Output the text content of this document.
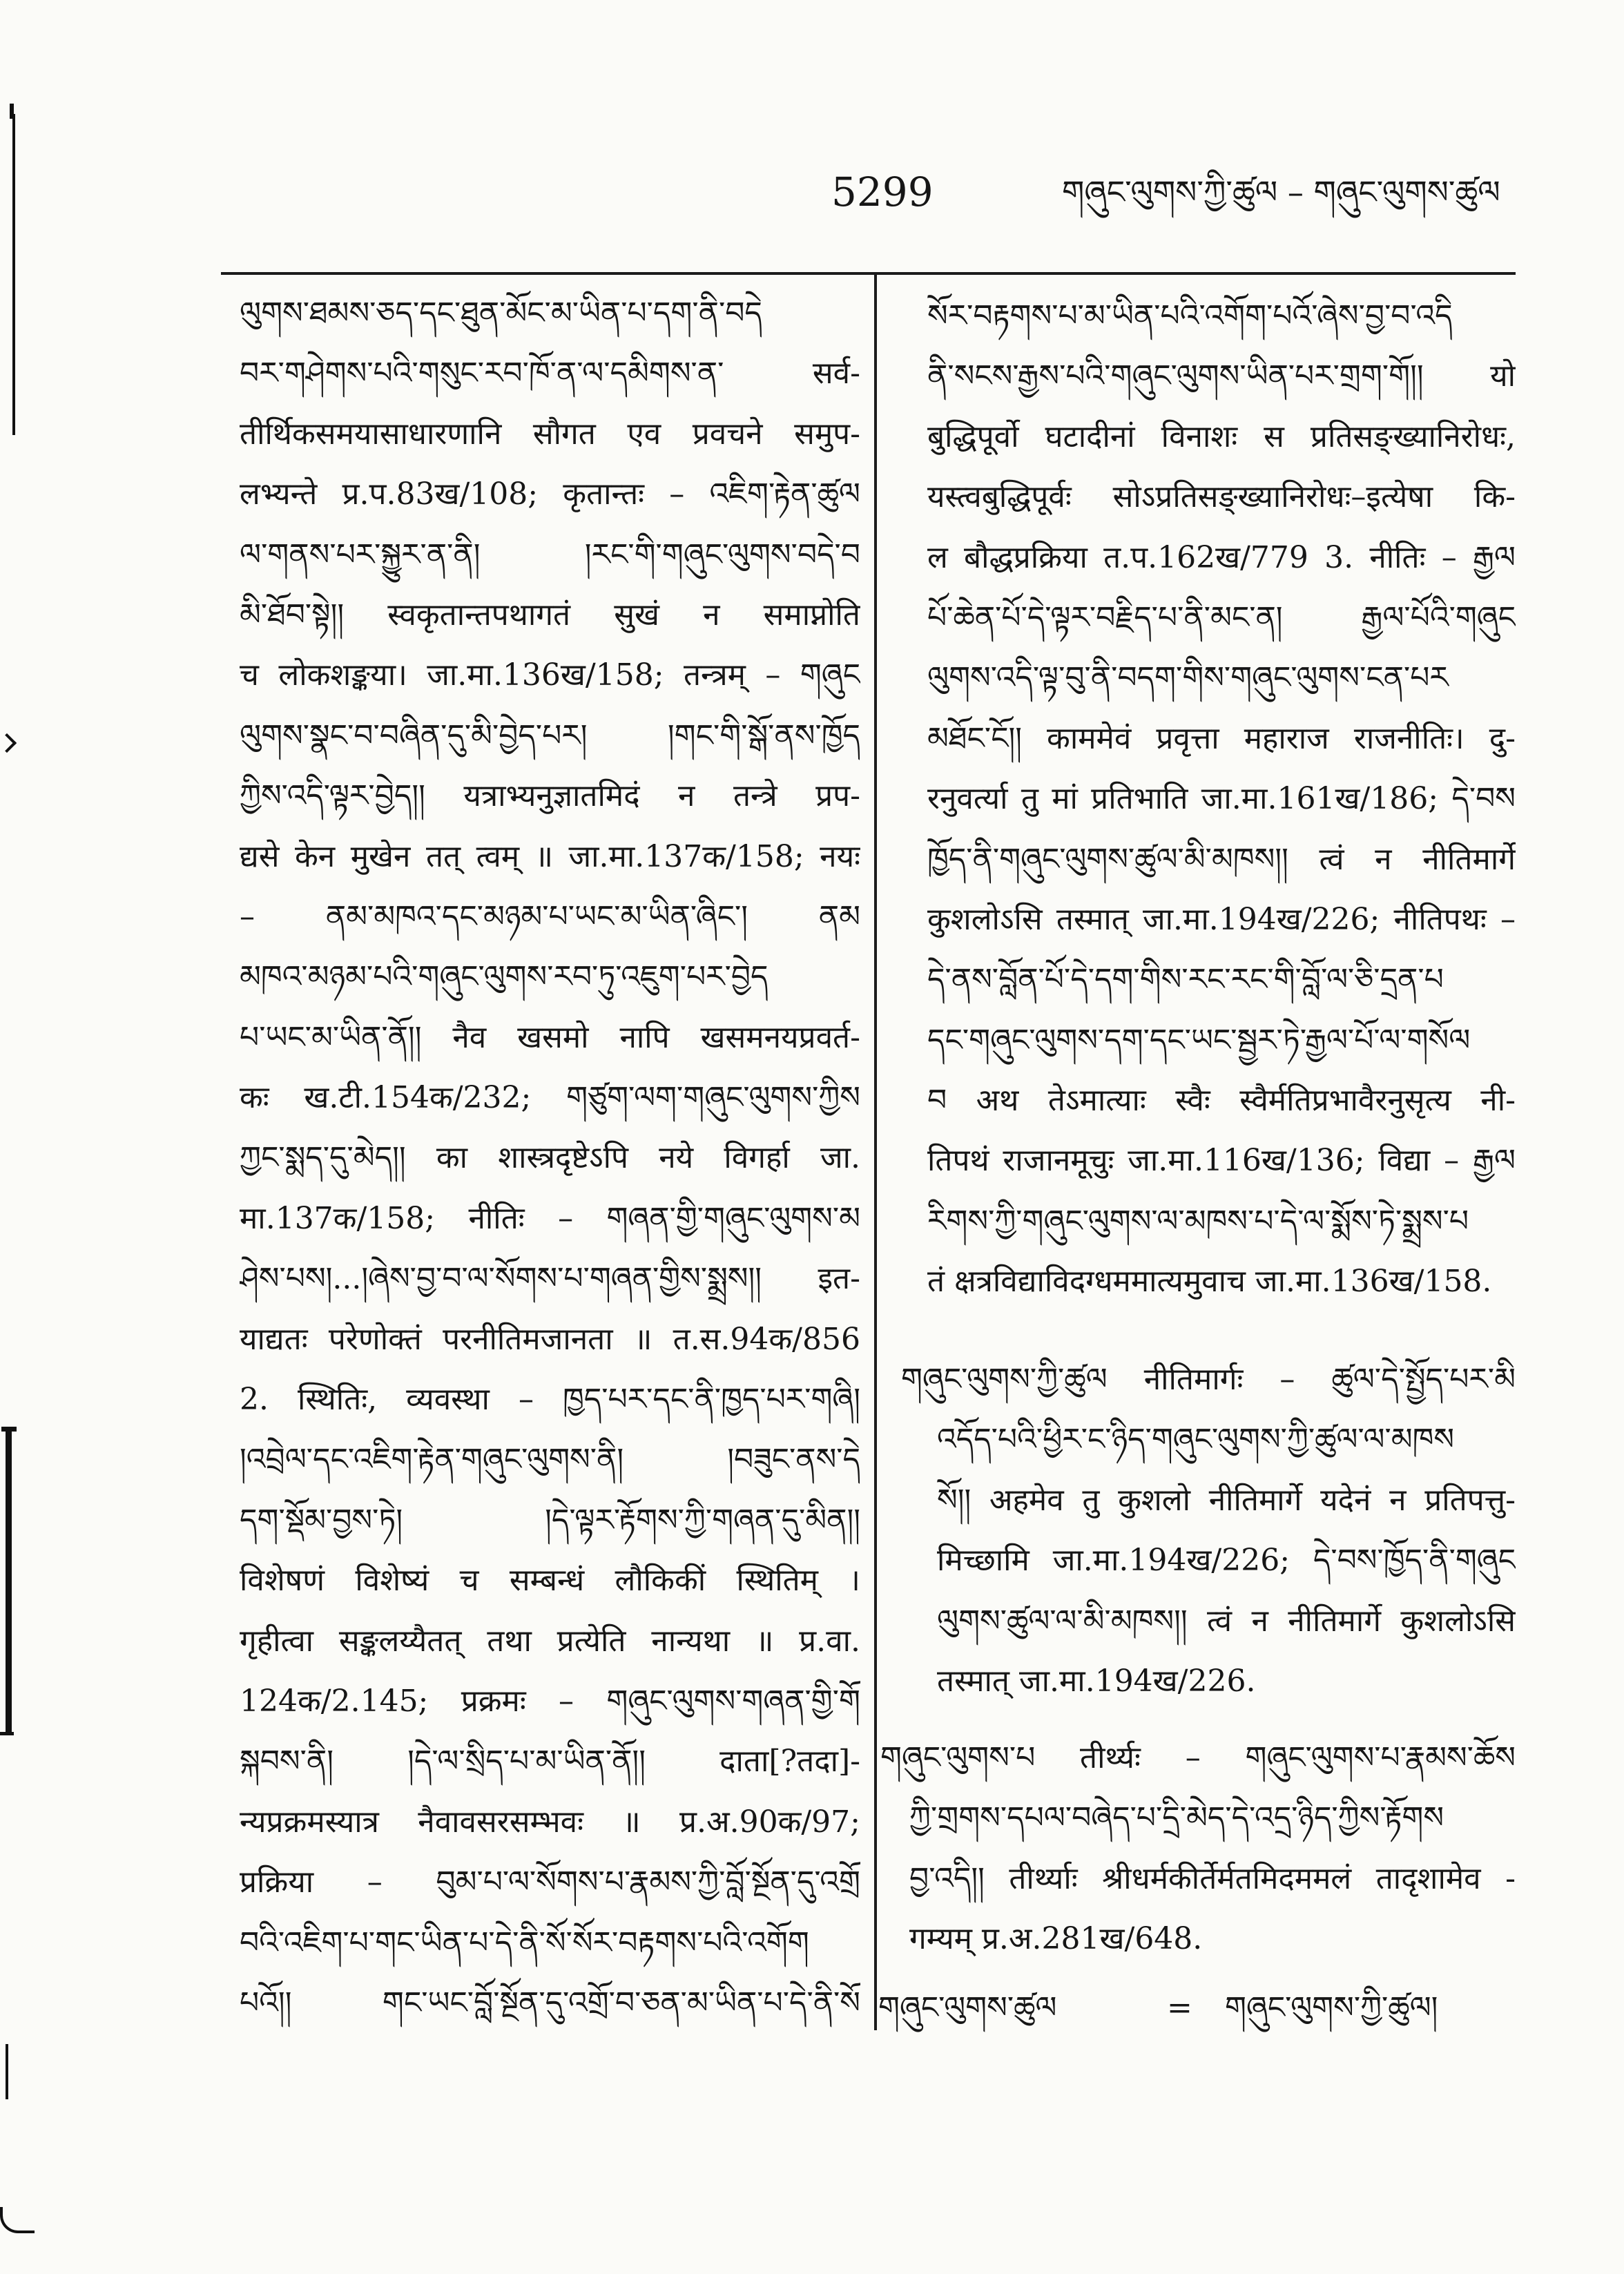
5299	གཞུང་ལུགས་ཀྱི་ཚུལ – གཞུང་ལུགས་ཚུལ
ལུགས་ཐམས་ཅད་དང་ཐུན་མོང་མ་ཡིན་པ་དག་ནི་བདེ
བར་གཤེགས་པའི་གསུང་རབ་ཁོ་ན་ལ་དམིགས་ན་ सर्व-
तीर्थिकसमयासाधारणानि सौगत एव प्रवचने समुप-
लभ्यन्ते प्र.प.83ख/108; कृतान्तः – འཇིག་རྟེན་ཚུལ
ལ་གནས་པར་སྐྱུར་ན་ནི། །རང་གི་གཞུང་ལུགས་བདེ་བ
མི་ཐོབ་སྟེ།། स्वकृतान्तपथागतं सुखं न समाप्नोति
च लोकशङ्कया। जा.मा.136ख/158; तन्त्रम् – གཞུང
ལུགས་སྣང་བ་བཞིན་དུ་མི་བྱེད་པར། །གང་གི་སྒོ་ནས་ཁྱོད
ཀྱིས་འདི་ལྟར་བྱེད།། यत्राभ्यनुज्ञातमिदं न तन्त्रे प्रप-
द्यसे केन मुखेन तत् त्वम् ॥ जा.मा.137क/158; नयः
– ནམ་མཁའ་དང་མཉམ་པ་ཡང་མ་ཡིན་ཞིང་། ནམ
མཁའ་མཉམ་པའི་གཞུང་ལུགས་རབ་ཏུ་འཇུག་པར་བྱེད
པ་ཡང་མ་ཡིན་ནོ།། नैव खसमो नापि खसमनयप्रवर्त-
कः ख.टी.154क/232; གཙུག་ལག་གཞུང་ལུགས་ཀྱིས
ཀྱང་སྨད་དུ་མེད།། का शास्त्रदृष्टेऽपि नये विगर्हा जा.
मा.137क/158; नीतिः – གཞན་གྱི་གཞུང་ལུགས་མ
ཤེས་པས།...།ཞེས་བྱ་བ་ལ་སོགས་པ་གཞན་གྱིས་སྨྲས།། इत-
याद्यतः परेणोक्तं परनीतिमजानता ॥ त.स.94क/856
2. स्थितिः, व्यवस्था – ཁྱད་པར་དང་ནི་ཁྱད་པར་གཞི།
།འབྲེལ་དང་འཇིག་རྟེན་གཞུང་ལུགས་ནི། །བཟུང་ནས་དེ
དག་སྡོམ་བྱས་ཏེ། །དེ་ལྟར་རྟོགས་ཀྱི་གཞན་དུ་མིན།།
विशेषणं विशेष्यं च सम्बन्धं लौकिकीं स्थितिम् ।
गृहीत्वा सङ्कलय्यैतत् तथा प्रत्येति नान्यथा ॥ प्र.वा.
124क/2.145; प्रक्रमः – གཞུང་ལུགས་གཞན་གྱི་གོ
སྐབས་ནི། །དེ་ལ་སྲིད་པ་མ་ཡིན་ནོ།། दाता[?तदा]-
न्यप्रक्रमस्यात्र नैवावसरसम्भवः ॥ प्र.अ.90क/97;
प्रक्रिया – བུམ་པ་ལ་སོགས་པ་རྣམས་ཀྱི་བློ་སྔོན་དུ་འགྲོ
བའི་འཇིག་པ་གང་ཡིན་པ་དེ་ནི་སོ་སོར་བརྟགས་པའི་འགོག
པའོ།། གང་ཡང་བློ་སྔོན་དུ་འགྲོ་བ་ཅན་མ་ཡིན་པ་དེ་ནི་སོ
སོར་བརྟགས་པ་མ་ཡིན་པའི་འགོག་པའོ་ཞེས་བྱ་བ་འདི
ནི་སངས་རྒྱས་པའི་གཞུང་ལུགས་ཡིན་པར་གྲག་གོ།། यो
बुद्धिपूर्वो घटादीनां विनाशः स प्रतिसङ्ख्यानिरोधः,
यस्त्वबुद्धिपूर्वः सोऽप्रतिसङ्ख्यानिरोधः–इत्येषा कि-
ल बौद्धप्रक्रिया त.प.162ख/779 3. नीतिः – རྒྱལ
པོ་ཆེན་པོ་དེ་ལྟར་བརྗིད་པ་ནི་མང་ན། རྒྱལ་པོའི་གཞུང
ལུགས་འདི་ལྟ་བུ་ནི་བདག་གིས་གཞུང་ལུགས་ངན་པར
མཐོང་ངོ།། काममेवं प्रवृत्ता महाराज राजनीतिः। दु-
रनुवर्त्या तु मां प्रतिभाति जा.मा.161ख/186; དེ་བས
ཁྱོད་ནི་གཞུང་ལུགས་ཚུལ་མི་མཁས།། त्वं न नीतिमार्गे
कुशलोऽसि तस्मात् जा.मा.194ख/226; नीतिपथः –
དེ་ནས་བློན་པོ་དེ་དག་གིས་རང་རང་གི་བློ་ལ་ཅི་དྲན་པ
དང་གཞུང་ལུགས་དག་དང་ཡང་སྦྱར་ཏེ་རྒྱལ་པོ་ལ་གསོལ
བ अथ तेऽमात्याः स्वैः स्वैर्मतिप्रभावैरनुसृत्य नी-
तिपथं राजानमूचुः जा.मा.116ख/136; विद्या – རྒྱལ
རིགས་ཀྱི་གཞུང་ལུགས་ལ་མཁས་པ་དེ་ལ་སྨོས་ཏེ་སྨྲས་པ
तं क्षत्रविद्याविदग्धममात्यमुवाच जा.मा.136ख/158.
གཞུང་ལུགས་ཀྱི་ཚུལ नीतिमार्गः – ཚུལ་དེ་སྤྱོད་པར་མི
འདོད་པའི་ཕྱིར་ང་ཉིད་གཞུང་ལུགས་ཀྱི་ཚུལ་ལ་མཁས
སོ།། अहमेव तु कुशलो नीतिमार्गे यदेनं न प्रतिपत्तु-
मिच्छामि जा.मा.194ख/226; དེ་བས་ཁྱོད་ནི་གཞུང
ལུགས་ཚུལ་ལ་མི་མཁས།། त्वं न नीतिमार्गे कुशलोऽसि
तस्मात् जा.मा.194ख/226.
གཞུང་ལུགས་པ तीर्थ्यः – གཞུང་ལུགས་པ་རྣམས་ཆོས
ཀྱི་གྲགས་དཔལ་བཞེད་པ་དྲི་མེད་དེ་འདྲ་ཉིད་ཀྱིས་རྟོགས
བྱ་འདི།། तीर्थ्याः श्रीधर्मकीर्तेर्मतमिदममलं तादृशामेव -
गम्यम् प्र.अ.281ख/648.
གཞུང་ལུགས་ཚུལ	= གཞུང་ལུགས་ཀྱི་ཚུལ།
